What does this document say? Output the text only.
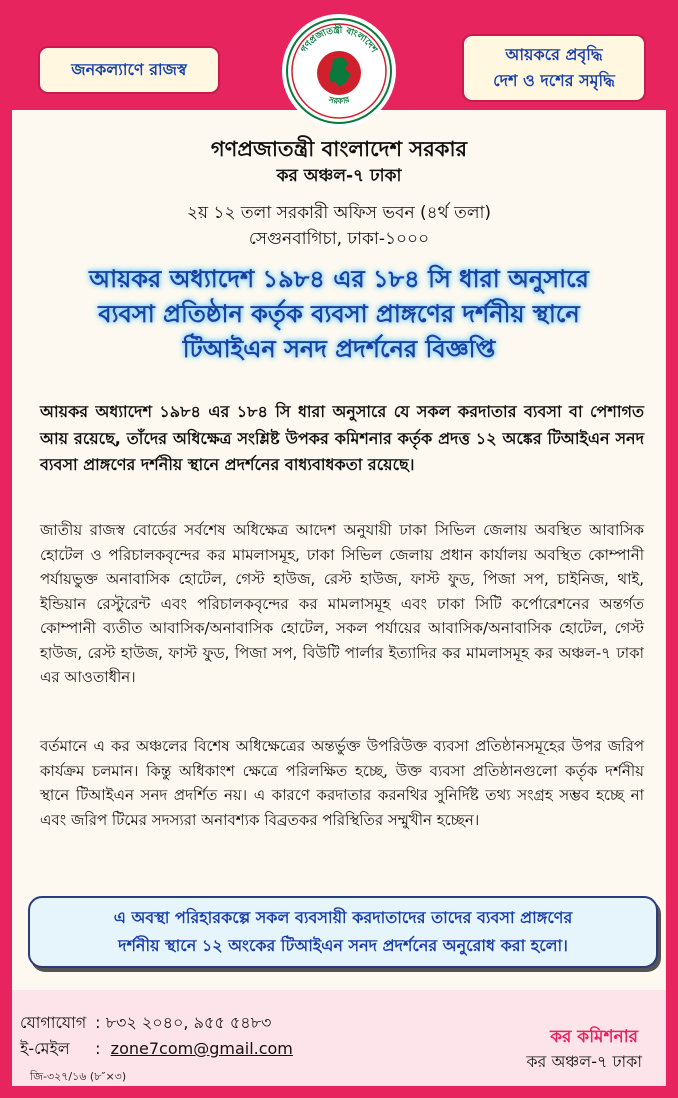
জনকল্যাণে রাজস্ব
আয়করে প্রবৃদ্ধি
দেশ ও দশের সমৃদ্ধি
গণপ্রজাতন্ত্রী বাংলাদেশ
সরকার
গণপ্রজাতন্ত্রী বাংলাদেশ সরকার
কর অঞ্চল-৭ ঢাকা
২য় ১২ তলা সরকারী অফিস ভবন (৪র্থ তলা)
সেগুনবাগিচা, ঢাকা-১০০০
আয়কর অধ্যাদেশ ১৯৮৪ এর ১৮৪ সি ধারা অনুসারে
ব্যবসা প্রতিষ্ঠান কর্তৃক ব্যবসা প্রাঙ্গণের দর্শনীয় স্থানে
টিআইএন সনদ প্রদর্শনের বিজ্ঞপ্তি
আয়কর অধ্যাদেশ ১৯৮৪ এর ১৮৪ সি ধারা অনুসারে যে সকল করদাতার ব্যবসা বা পেশাগত আয় রয়েছে, তাঁদের অধিক্ষেত্র সংশ্লিষ্ট উপকর কমিশনার কর্তৃক প্রদত্ত ১২ অঙ্কের টিআইএন সনদ ব্যবসা প্রাঙ্গণের দর্শনীয় স্থানে প্রদর্শনের বাধ্যবাধকতা রয়েছে।
জাতীয় রাজস্ব বোর্ডের সর্বশেষ অধিক্ষেত্র আদেশ অনুযায়ী ঢাকা সিভিল জেলায় অবস্থিত আবাসিক হোটেল ও পরিচালকবৃন্দের কর মামলাসমূহ, ঢাকা সিভিল জেলায় প্রধান কার্যালয় অবস্থিত কোম্পানী পর্যায়ভুক্ত অনাবাসিক হোটেল, গেস্ট হাউজ, রেস্ট হাউজ, ফাস্ট ফুড, পিজা সপ, চাইনিজ, থাই, ইন্ডিয়ান রেস্টুরেন্ট এবং পরিচালকবৃন্দের কর মামলাসমূহ এবং ঢাকা সিটি কর্পোরেশনের অন্তর্গত কোম্পানী ব্যতীত আবাসিক/অনাবাসিক হোটেল, সকল পর্যায়ের আবাসিক/অনাবাসিক হোটেল, গেস্ট হাউজ, রেস্ট হাউজ, ফাস্ট ফুড, পিজা সপ, বিউটি পার্লার ইত্যাদির কর মামলাসমূহ কর অঞ্চল-৭ ঢাকা এর আওতাধীন।
বর্তমানে এ কর অঞ্চলের বিশেষ অধিক্ষেত্রের অন্তর্ভুক্ত উপরিউক্ত ব্যবসা প্রতিষ্ঠানসমূহের উপর জরিপ কার্যক্রম চলমান। কিন্তু অধিকাংশ ক্ষেত্রে পরিলক্ষিত হচ্ছে, উক্ত ব্যবসা প্রতিষ্ঠানগুলো কর্তৃক দর্শনীয় স্থানে টিআইএন সনদ প্রদর্শিত নয়। এ কারণে করদাতার করনথির সুনির্দিষ্ট তথ্য সংগ্রহ সম্ভব হচ্ছে না এবং জরিপ টিমের সদস্যরা অনাবশ্যক বিব্রতকর পরিস্থিতির সম্মুখীন হচ্ছেন।
এ অবস্থা পরিহারকল্পে সকল ব্যবসায়ী করদাতাদের তাদের ব্যবসা প্রাঙ্গণের
দর্শনীয় স্থানে ১২ অংকের টিআইএন সনদ প্রদর্শনের অনুরোধ করা হলো।
যোগাযোগ : ৮৩২ ২০৪০, ৯৫৫ ৫৪৮৩
ই-মেইল :  zone7com@gmail.com
জি-৩২৭/১৬ (৮″×৩)
কর কমিশনার
কর অঞ্চল-৭ ঢাকা
